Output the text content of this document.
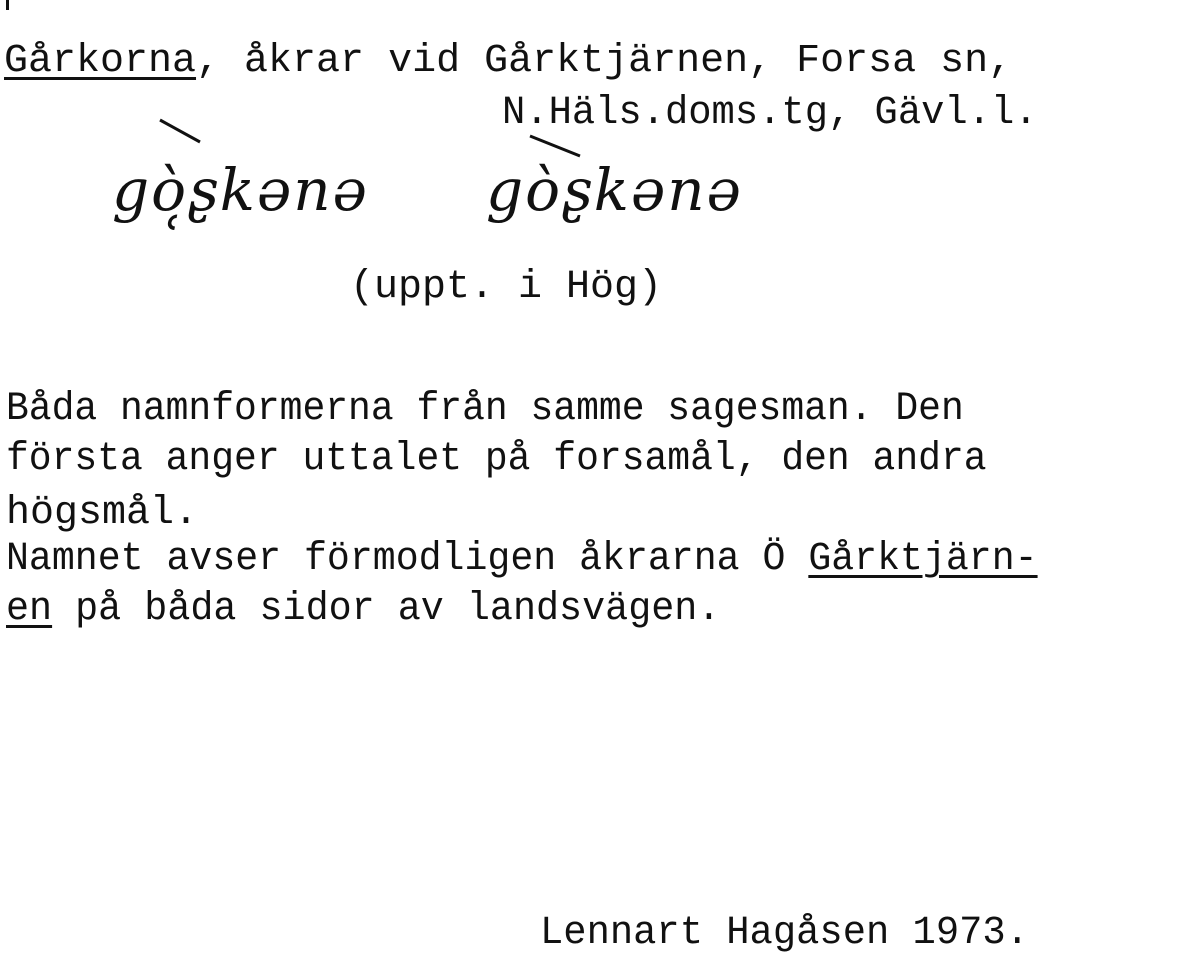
Gårkorna, åkrar vid Gårktjärnen, Forsa sn,
N.Häls.doms.tg, Gävl.l.
gò̜ʂkənə gὸʂkənə
(uppt. i Hög)
Båda namnformerna från samme sagesman. Den
första anger uttalet på forsamål, den andra
högsmål.
Namnet avser förmodligen åkrarna Ö Gårktjärn-
en på båda sidor av landsvägen.
Lennart Hagåsen 1973.
